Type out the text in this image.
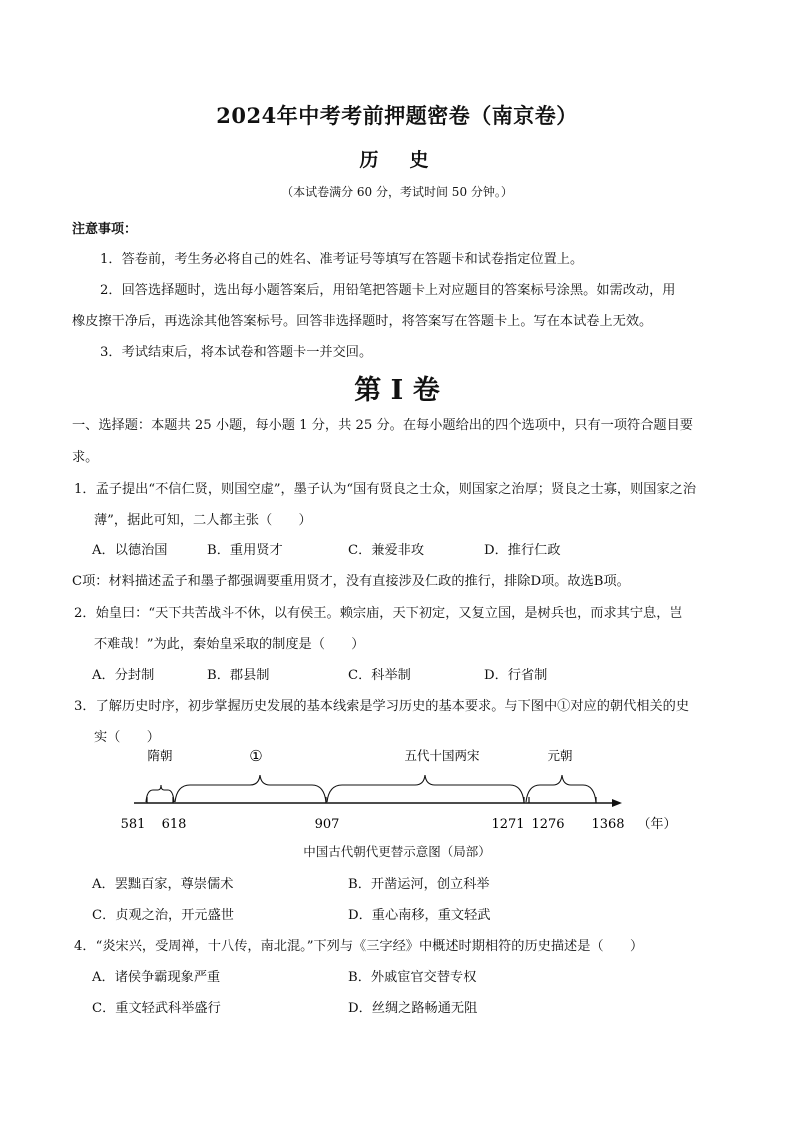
2024年中考考前押题密卷（南京卷）
历　史
（本试卷满分 60 分，考试时间 50 分钟。）
注意事项：
1．答卷前，考生务必将自己的姓名、准考证号等填写在答题卡和试卷指定位置上。
2．回答选择题时，选出每小题答案后，用铅笔把答题卡上对应题目的答案标号涂黑。如需改动，用
橡皮擦干净后，再选涂其他答案标号。回答非选择题时，将答案写在答题卡上。写在本试卷上无效。
3．考试结束后，将本试卷和答题卡一并交回。
第 I 卷
一、选择题：本题共 25 小题，每小题 1 分，共 25 分。在每小题给出的四个选项中，只有一项符合题目要
求。
1．孟子提出“不信仁贤，则国空虚”，墨子认为“国有贤良之士众，则国家之治厚；贤良之士寡，则国家之治
薄”，据此可知，二人都主张（　　）
A．以德治国	B．重用贤才	C．兼爱非攻	D．推行仁政
C项：材料描述孟子和墨子都强调要重用贤才，没有直接涉及仁政的推行，排除D项。故选B项。
2．始皇曰：“天下共苦战斗不休，以有侯王。赖宗庙，天下初定，又复立国，是树兵也，而求其宁息，岂
不难哉！”为此，秦始皇采取的制度是（　　）
A．分封制	B．郡县制	C．科举制	D．行省制
3．了解历史时序，初步掌握历史发展的基本线索是学习历史的基本要求。与下图中①对应的朝代相关的史
实（　　）
隋朝	①	五代十国两宋	元朝
581 618	907	1271 1276 1368 （年）
中国古代朝代更替示意图（局部）
A．罢黜百家，尊崇儒术	B．开凿运河，创立科举
C．贞观之治，开元盛世	D．重心南移，重文轻武
4．“炎宋兴，受周禅，十八传，南北混。”下列与《三字经》中概述时期相符的历史描述是（　　）
A．诸侯争霸现象严重	B．外戚宦官交替专权
C．重文轻武科举盛行	D．丝绸之路畅通无阻
